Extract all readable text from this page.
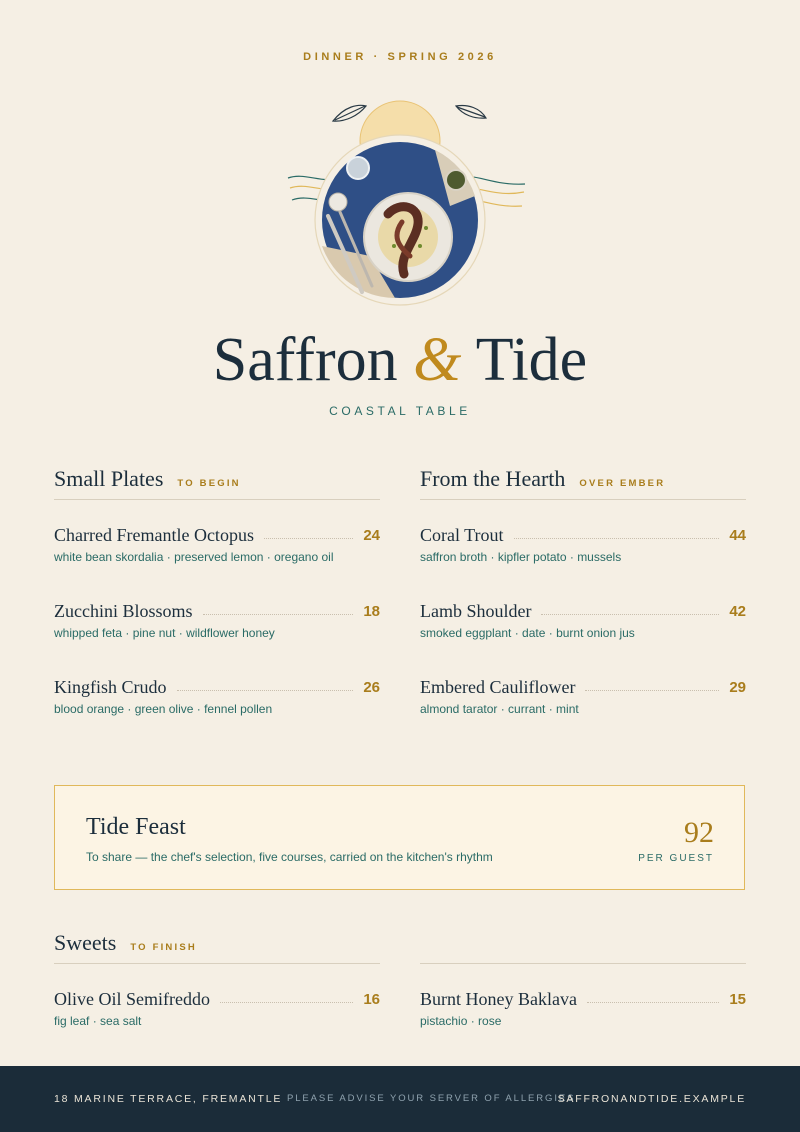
DINNER · SPRING 2026
Saffron & Tide
COASTAL TABLE
Small Plates TO BEGIN
Charred Fremantle Octopus	24
white bean skordalia · preserved lemon · oregano oil
Zucchini Blossoms	18
whipped feta · pine nut · wildflower honey
Kingfish Crudo	26
blood orange · green olive · fennel pollen
From the Hearth OVER EMBER
Coral Trout	44
saffron broth · kipfler potato · mussels
Lamb Shoulder	42
smoked eggplant · date · burnt onion jus
Embered Cauliflower	29
almond tarator · currant · mint
Tide Feast
To share — the chef's selection, five courses, carried on the kitchen's rhythm
92
PER GUEST
Sweets TO FINISH
Olive Oil Semifreddo	16
fig leaf · sea salt
Burnt Honey Baklava	15
pistachio · rose
18 MARINE TERRACE, FREMANTLE PLEASE ADVISE YOUR SERVER OF ALLERGIES
SAFFRONANDTIDE.EXAMPLE
